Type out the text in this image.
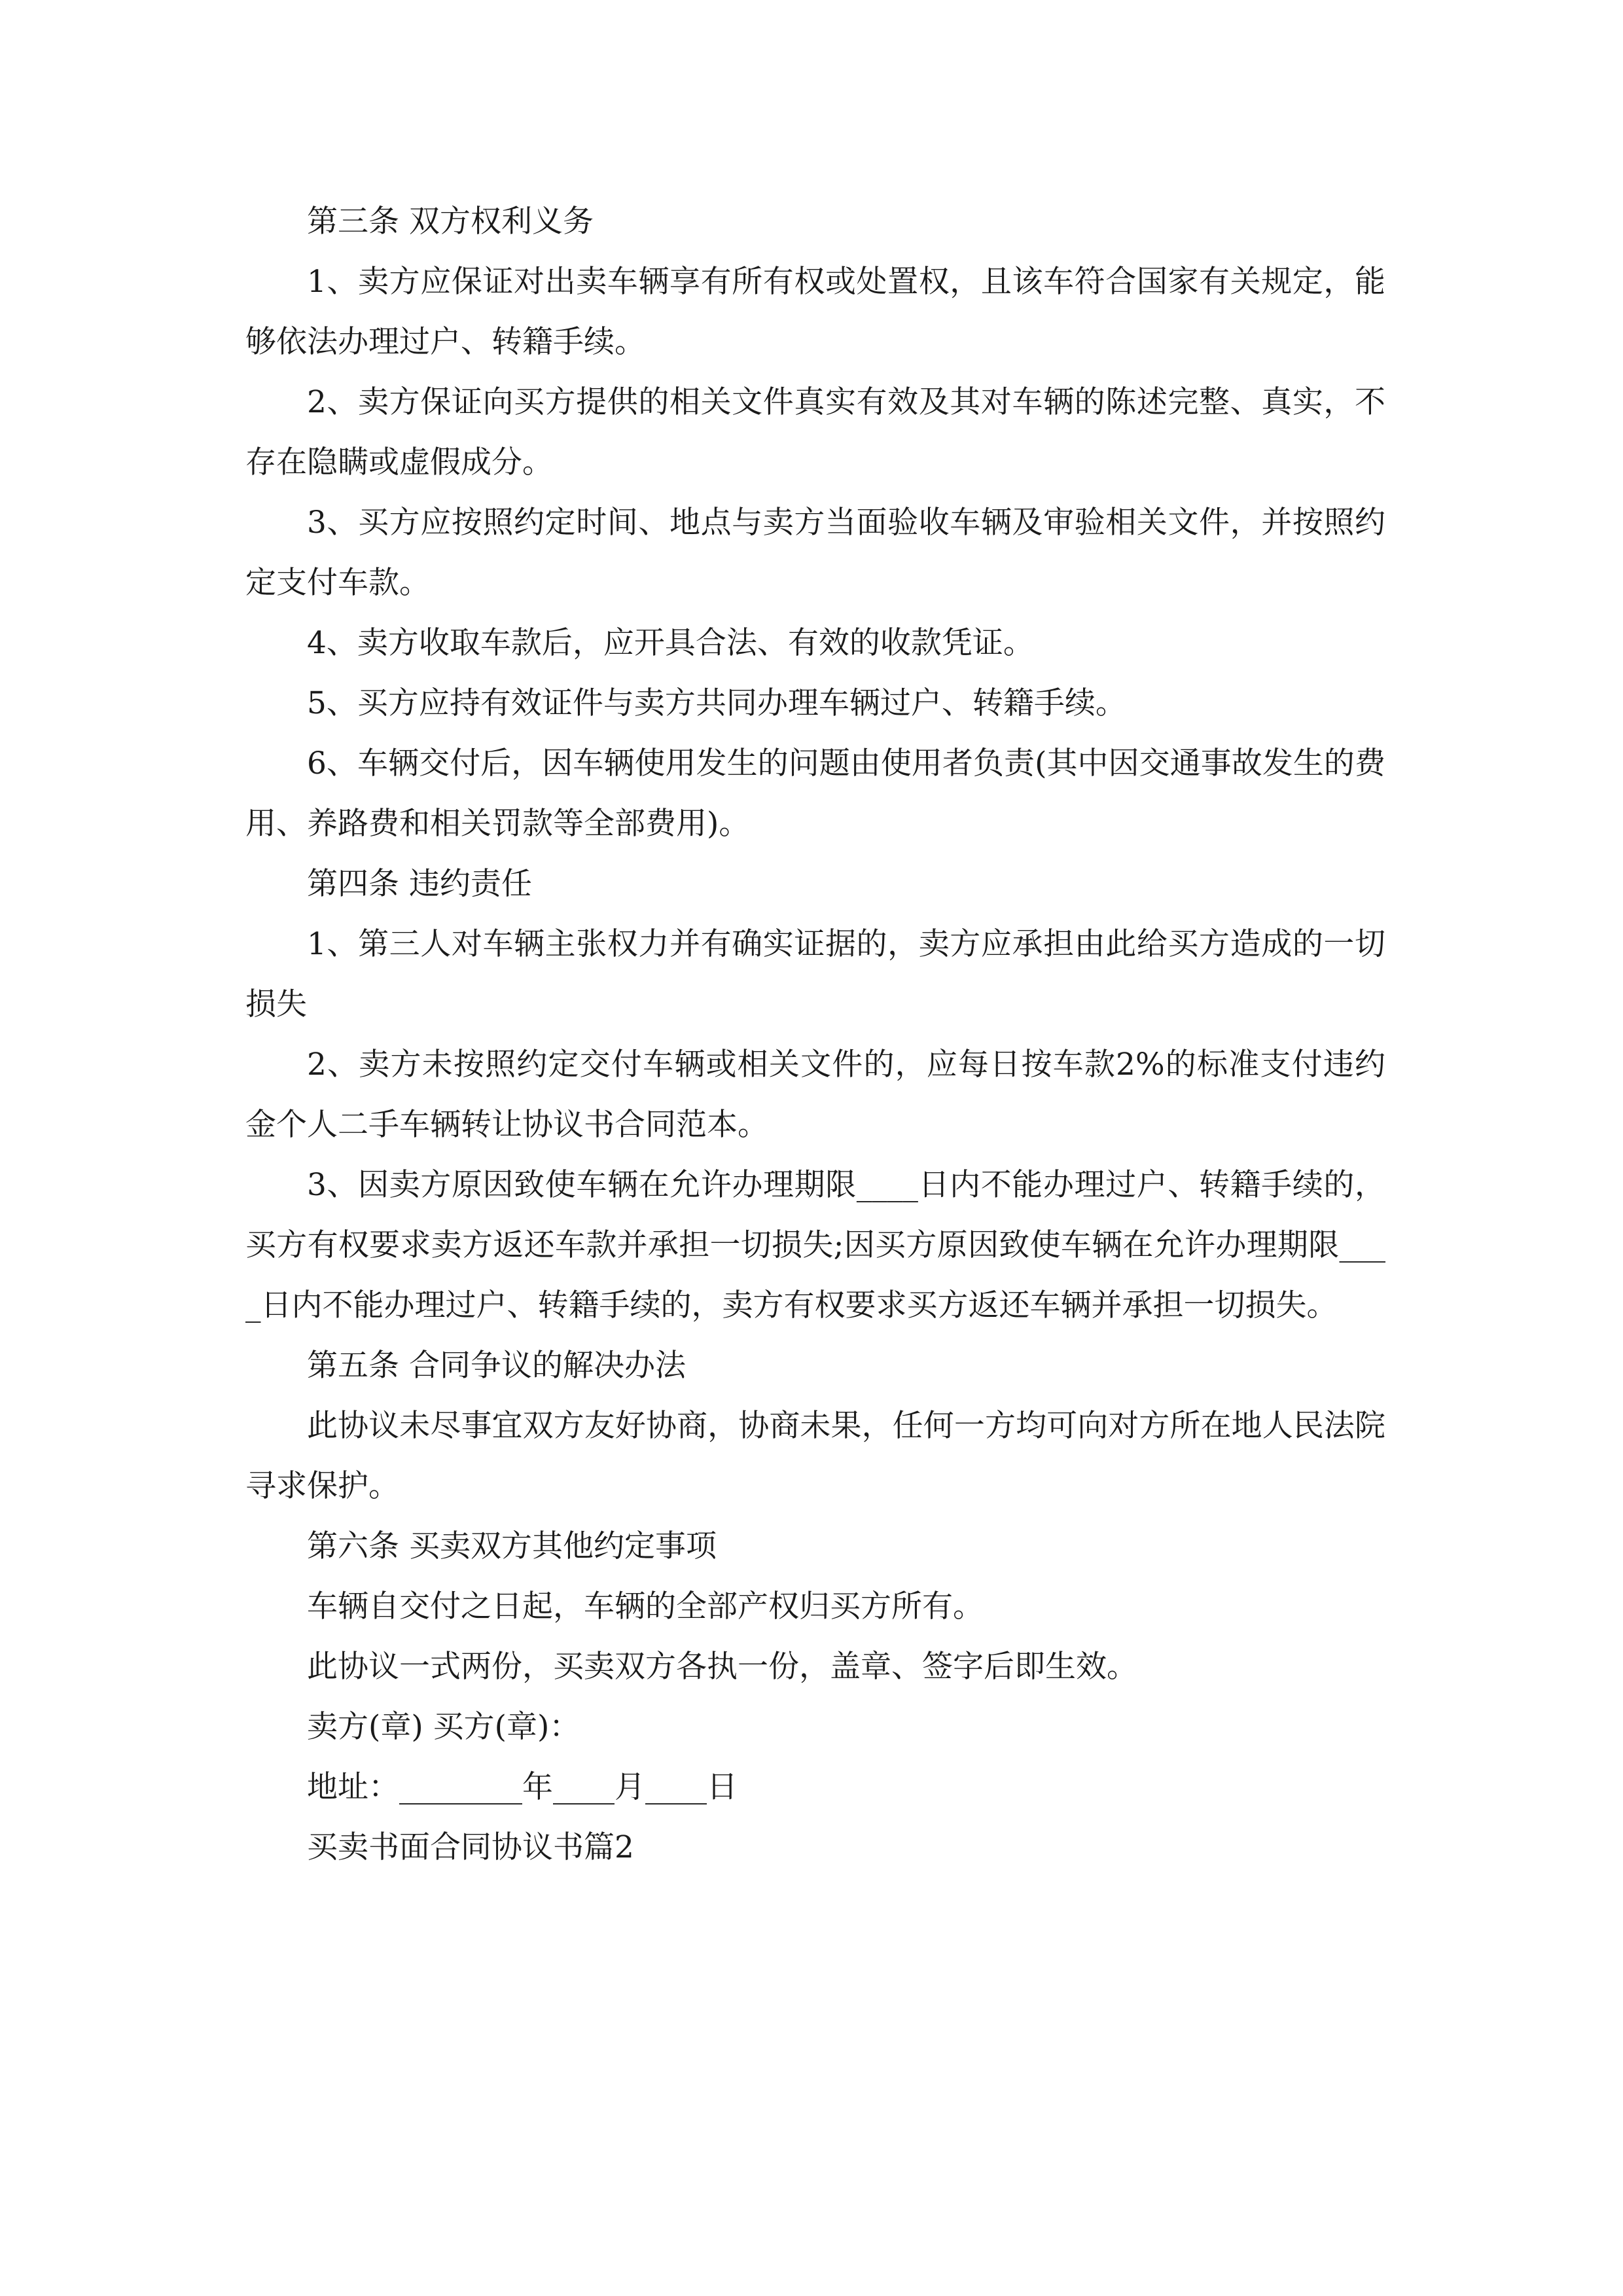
第三条 双方权利义务

1、卖方应保证对出卖车辆享有所有权或处置权，且该车符合国家有关规定，能够依法办理过户、转籍手续。

2、卖方保证向买方提供的相关文件真实有效及其对车辆的陈述完整、真实，不存在隐瞒或虚假成分。

3、买方应按照约定时间、地点与卖方当面验收车辆及审验相关文件，并按照约定支付车款。

4、卖方收取车款后，应开具合法、有效的收款凭证。

5、买方应持有效证件与卖方共同办理车辆过户、转籍手续。

6、车辆交付后，因车辆使用发生的问题由使用者负责(其中因交通事故发生的费用、养路费和相关罚款等全部费用)。

第四条 违约责任

1、第三人对车辆主张权力并有确实证据的，卖方应承担由此给买方造成的一切损失

2、卖方未按照约定交付车辆或相关文件的，应每日按车款2%的标准支付违约金个人二手车辆转让协议书合同范本。

3、因卖方原因致使车辆在允许办理期限____日内不能办理过户、转籍手续的，买方有权要求卖方返还车款并承担一切损失;因买方原因致使车辆在允许办理期限____日内不能办理过户、转籍手续的，卖方有权要求买方返还车辆并承担一切损失。

第五条 合同争议的解决办法

此协议未尽事宜双方友好协商，协商未果，任何一方均可向对方所在地人民法院寻求保护。

第六条 买卖双方其他约定事项

车辆自交付之日起，车辆的全部产权归买方所有。

此协议一式两份，买卖双方各执一份，盖章、签字后即生效。

卖方(章) 买方(章)：

地址：________年____月____日

买卖书面合同协议书篇2
